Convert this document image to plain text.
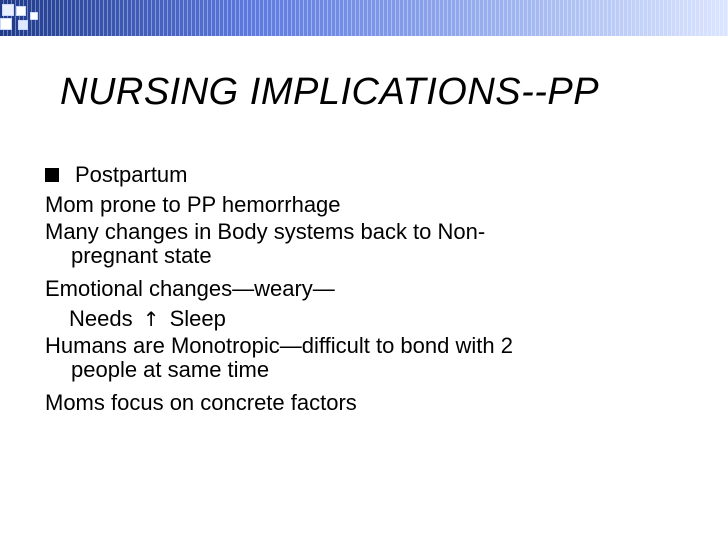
NURSING IMPLICATIONS--PP
Postpartum
Mom prone to PP hemorrhage
Many changes in Body systems back to Non-
pregnant state
Emotional changes—weary—
Needs ↑ Sleep
Humans are Monotropic—difficult to bond with 2
people at same time
Moms focus on concrete factors
